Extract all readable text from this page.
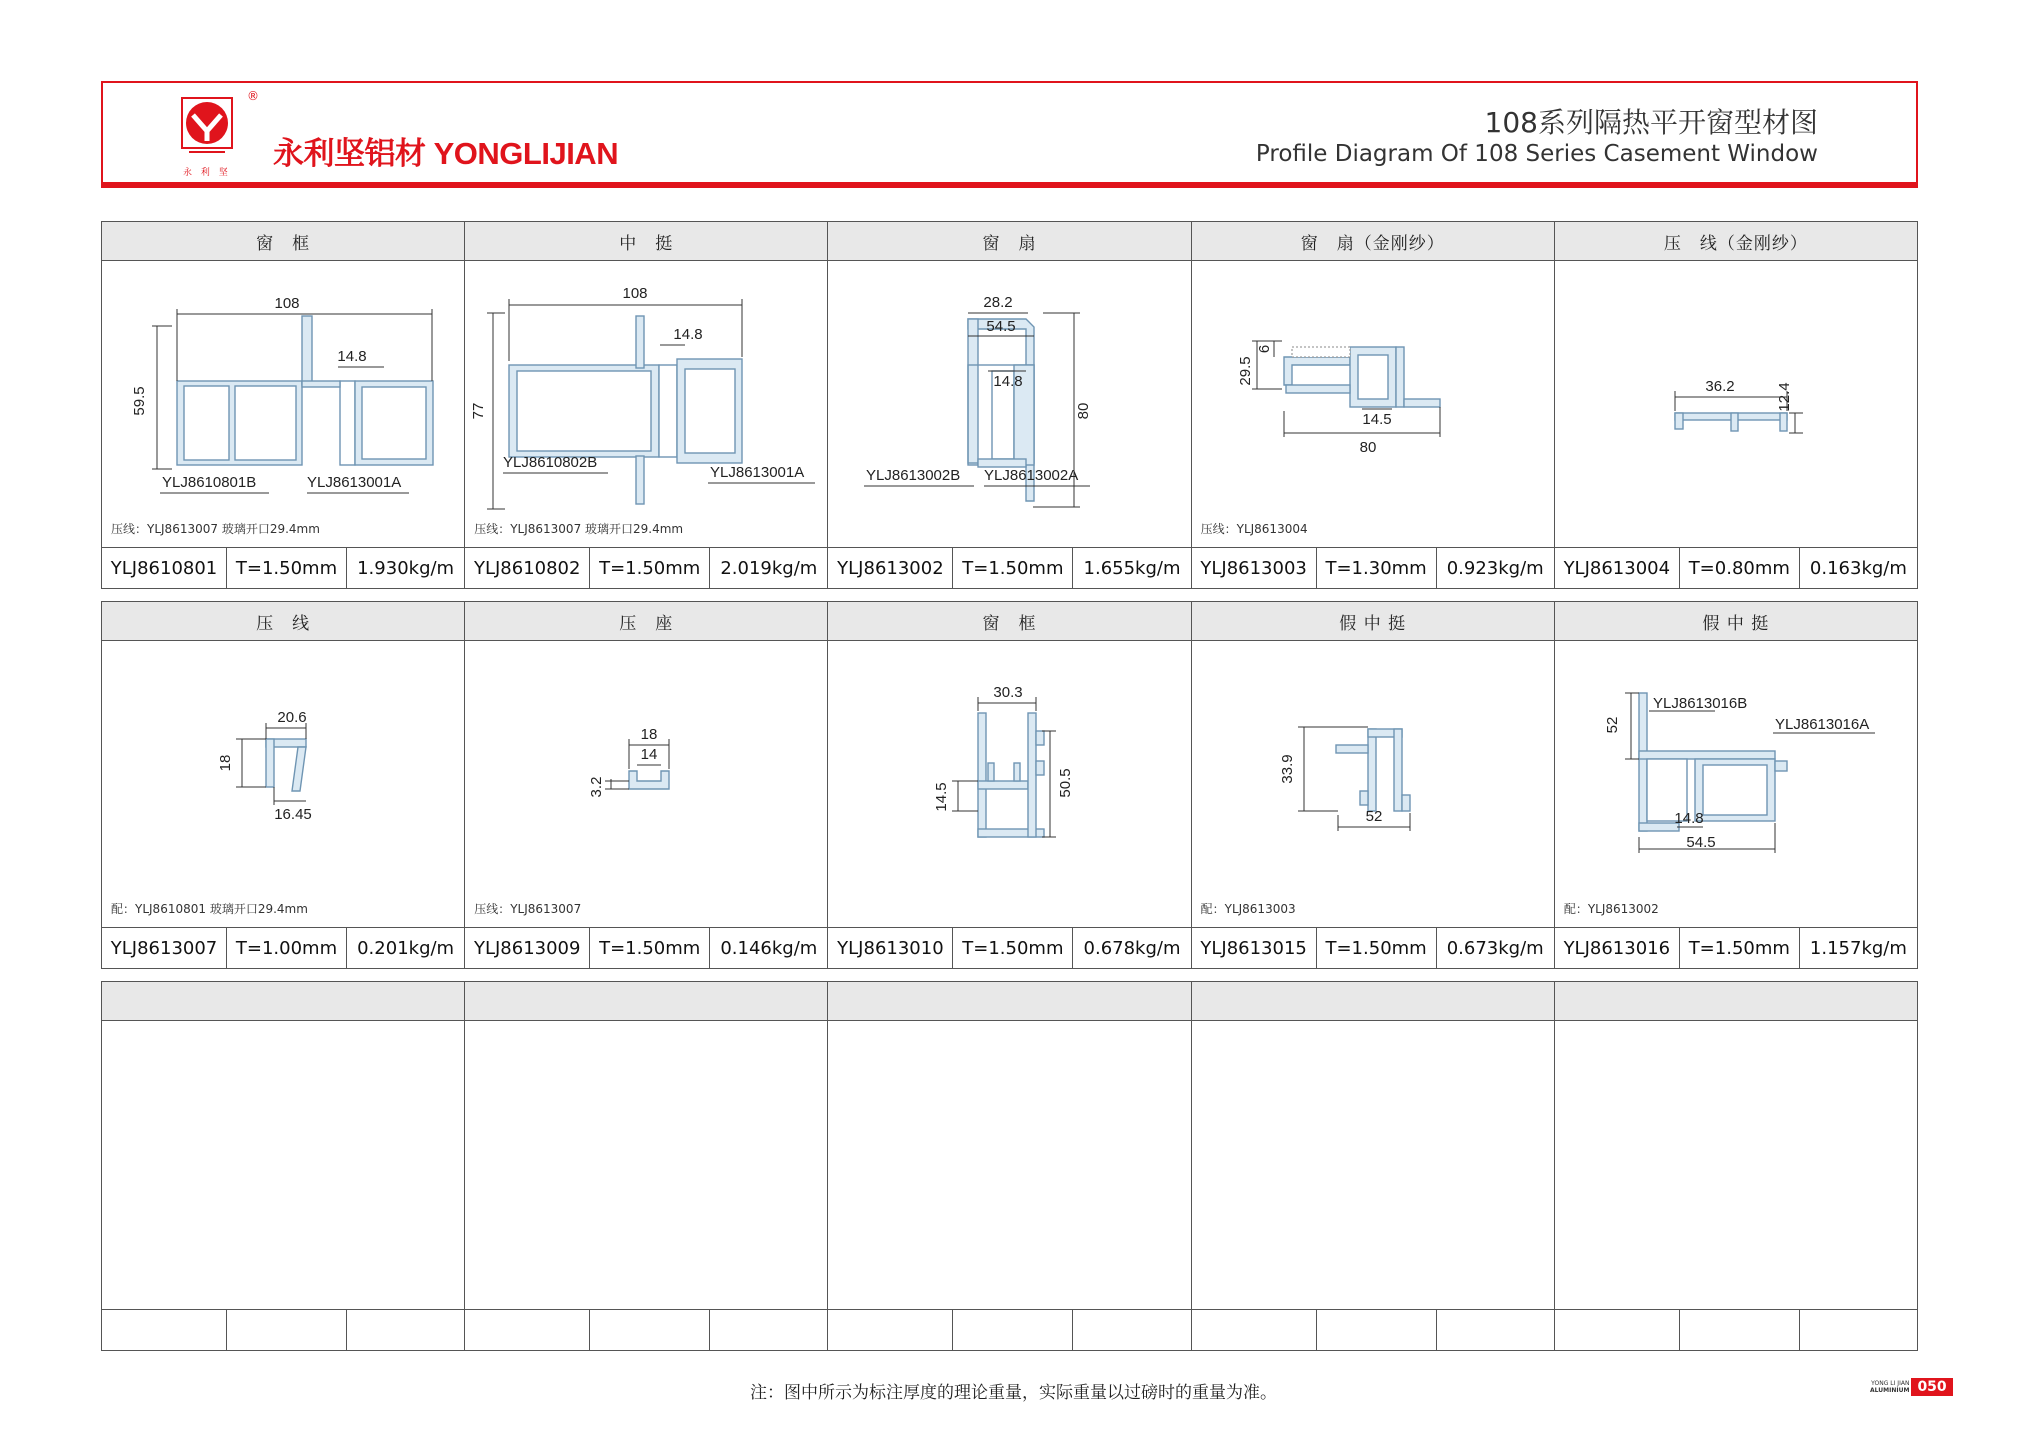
®
永 利 坚
永利坚铝材 YONGLIJIAN
108系列隔热平开窗型材图
Profile Diagram Of 108 Series Casement Window
窗　框
108
14.8
59.5
YLJ8610801B	YLJ8613001A
压线：YLJ8613007 玻璃开口29.4mm
YLJ8610801	T=1.50mm	1.930kg/m
中　挺
108
14.8
77
YLJ8610802B
YLJ8613001A
压线：YLJ8613007 玻璃开口29.4mm
YLJ8610802	T=1.50mm	2.019kg/m
窗　扇
28.2
54.5
14.8
80
YLJ8613002B YLJ8613002A
YLJ8613002	T=1.50mm	1.655kg/m
窗　扇（金刚纱）
29.5
6
14.5
80
压线：YLJ8613004
YLJ8613003	T=1.30mm	0.923kg/m
压　线（金刚纱）
36.2	12.4
YLJ8613004	T=0.80mm	0.163kg/m
压　线
20.6
18
16.45
配：YLJ8610801 玻璃开口29.4mm
YLJ8613007	T=1.00mm	0.201kg/m
压　座
18
14
3.2
压线：YLJ8613007
YLJ8613009	T=1.50mm	0.146kg/m
窗　框
30.3
50.5
14.5
YLJ8613010	T=1.50mm	0.678kg/m
假 中 挺
33.9
52
配：YLJ8613003
YLJ8613015	T=1.50mm	0.673kg/m
假 中 挺
52
14.8
54.5
YLJ8613016B
YLJ8613016A
配：YLJ8613002
YLJ8613016	T=1.50mm	1.157kg/m
注：图中所示为标注厚度的理论重量，实际重量以过磅时的重量为准。	YONG LI JIAN
ALUMINIUM 050
